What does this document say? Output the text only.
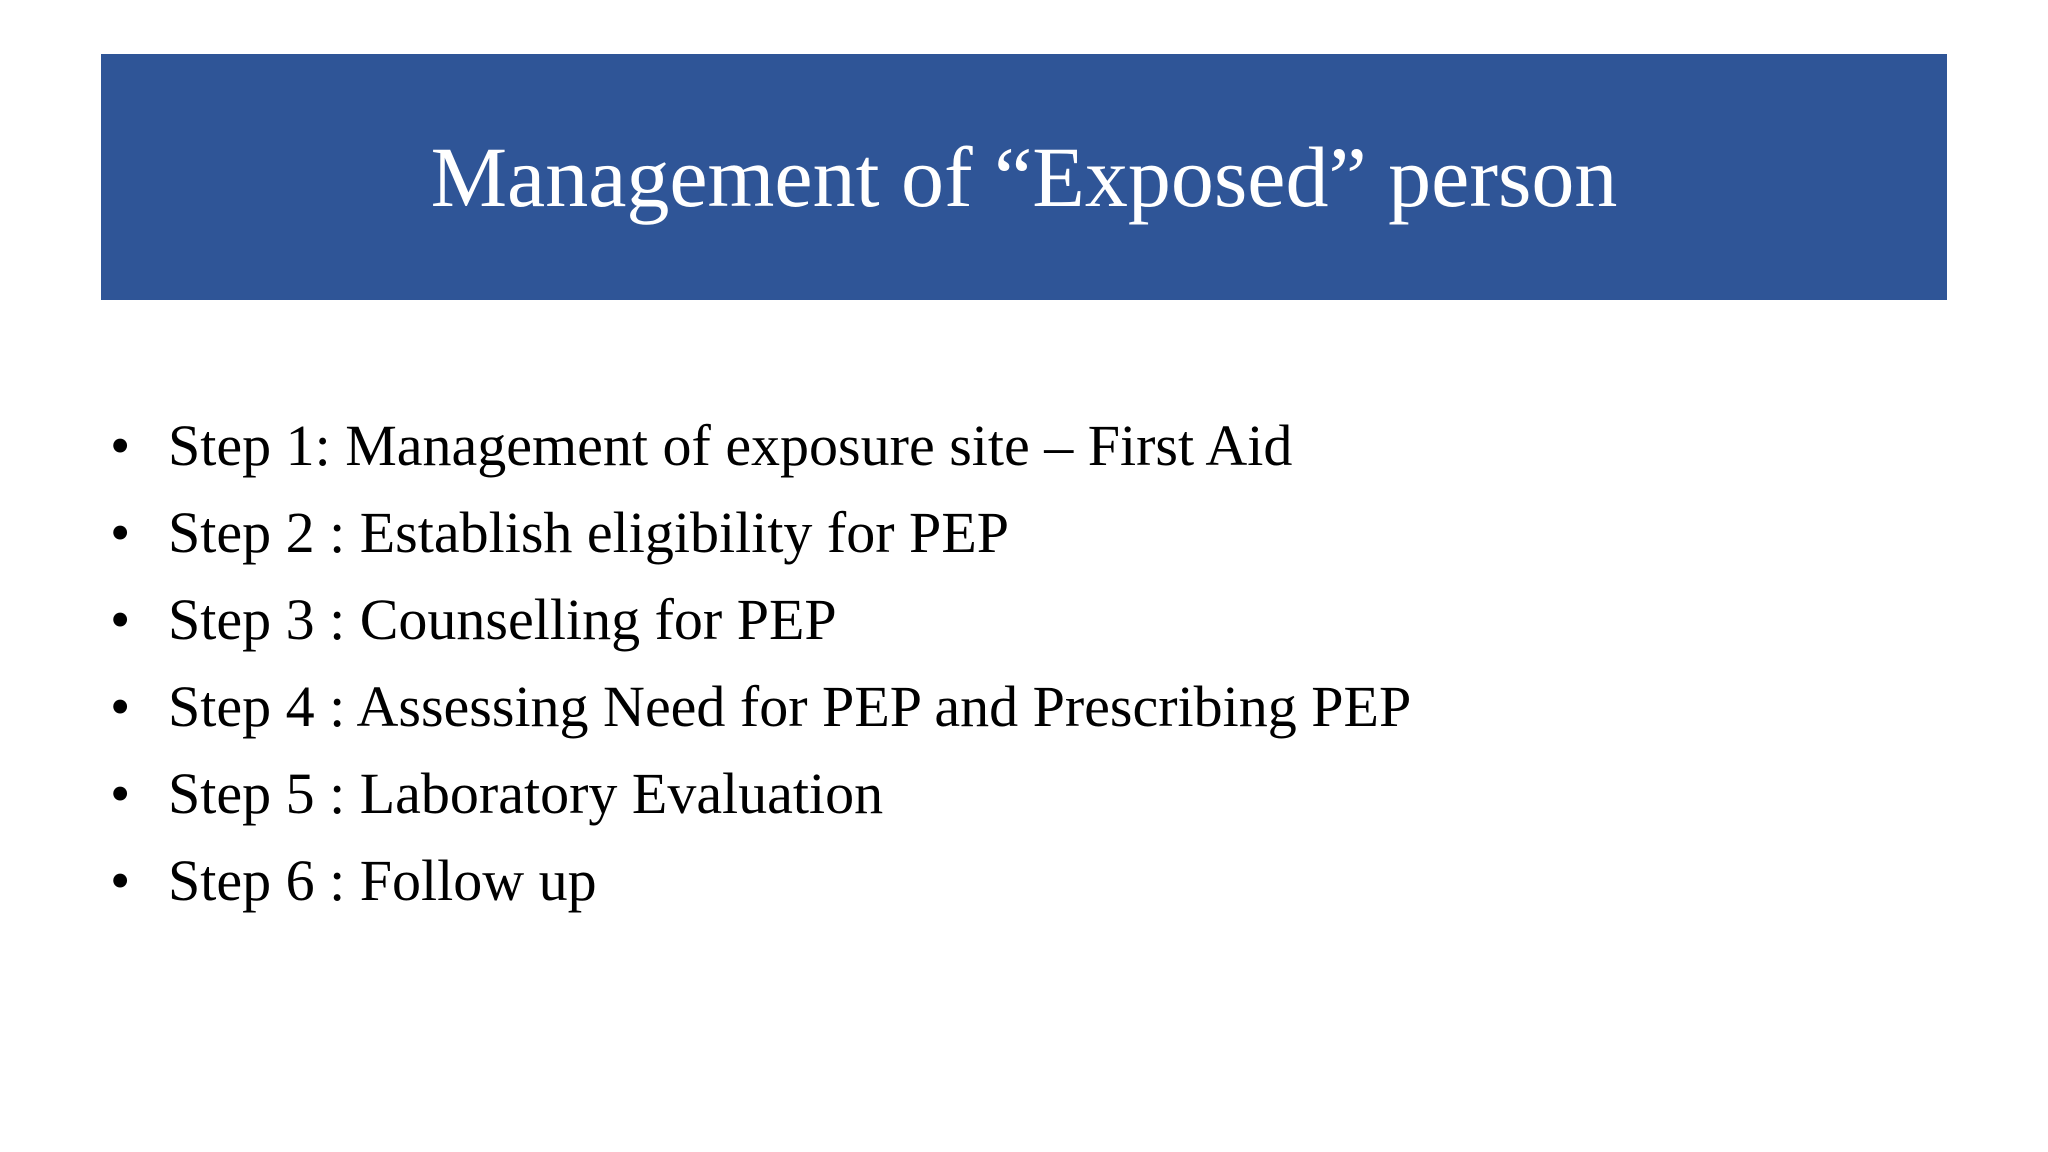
Management of “Exposed” person
• Step 1: Management of exposure site – First Aid
• Step 2 : Establish eligibility for PEP
• Step 3 : Counselling for PEP
• Step 4 : Assessing Need for PEP and Prescribing PEP
• Step 5 : Laboratory Evaluation
• Step 6 : Follow up
